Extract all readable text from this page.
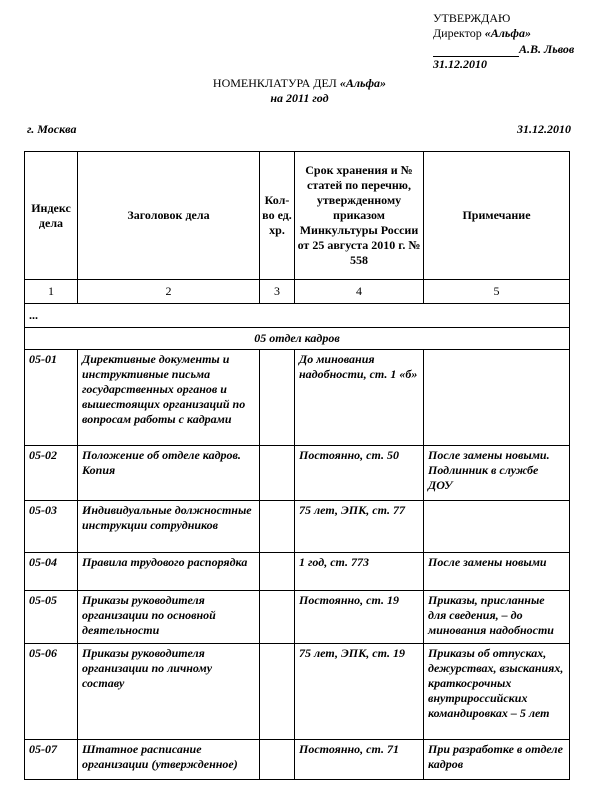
УТВЕРЖДАЮ
Директор «Альфа»
А.В. Львов
31.12.2010
НОМЕНКЛАТУРА ДЕЛ «Альфа»
на 2011 год
г. Москва	31.12.2010
Индекс дела	Заголовок дела	Кол-во ед. хр.	Срок хранения и № статей по перечню, утвержденному приказом Минкультуры России от 25 августа 2010 г. № 558	Примечание
1	2	3	4	5
...				
05 отдел кадров				
05-01	Директивные документы и инструктивные письма государственных органов и вышестоящих организаций по вопросам работы с кадрами		До минования надобности, ст. 1 «б»	
05-02	Положение об отделе кадров. Копия		Постоянно, ст. 50	После замены новыми. Подлинник в службе ДОУ
05-03	Индивидуальные должностные инструкции сотрудников		75 лет, ЭПК, ст. 77	
05-04	Правила трудового распорядка		1 год, ст. 773	После замены новыми
05-05	Приказы руководителя организации по основной деятельности		Постоянно, ст. 19	Приказы, присланные для сведения, – до минования надобности
05-06	Приказы руководителя организации по личному составу		75 лет, ЭПК, ст. 19	Приказы об отпусках, дежурствах, взысканиях, краткосрочных внутрироссийских командировках – 5 лет
05-07	Штатное расписание организации (утвержденное)		Постоянно, ст. 71	При разработке в отделе кадров
